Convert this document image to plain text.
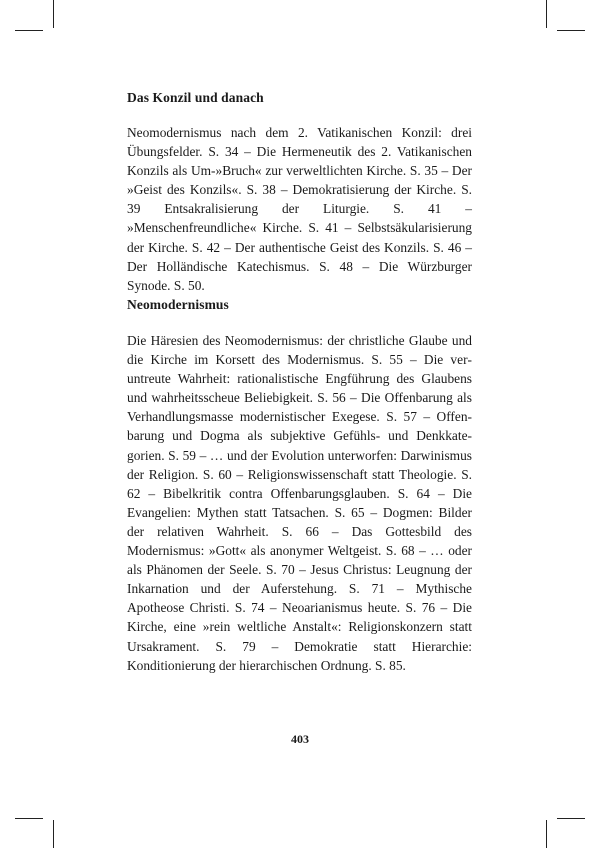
Das Konzil und danach

Neomodernismus nach dem 2. Vatikanischen Konzil: drei Übungsfelder. S. 34 – Die Hermeneutik des 2. Vatikanischen Konzils als Um-»Bruch« zur verweltlichten Kirche. S. 35 – Der »Geist des Konzils«. S. 38 – Demokratisierung der Kirche. S. 39 Entsakralisierung der Liturgie. S. 41 – »Menschenfreundliche« Kirche. S. 41 – Selbstsäkularisierung der Kirche. S. 42 – Der authentische Geist des Konzils. S. 46 – Der Holländische Katechismus. S. 48 – Die Würzburger Synode. S. 50.

Neomodernismus

Die Häresien des Neomodernismus: der christliche Glaube und die Kirche im Korsett des Modernismus. S. 55 – Die veruntreute Wahrheit: rationalistische Engführung des Glaubens und wahrheitsscheue Beliebigkeit. S. 56 – Die Offenbarung als Verhandlungsmasse modernistischer Exegese. S. 57 – Offenbarung und Dogma als subjektive Gefühls- und Denkkategorien. S. 59 – … und der Evolution unterworfen: Darwinismus der Religion. S. 60 – Religionswissenschaft statt Theologie. S. 62 – Bibelkritik contra Offenbarungsglauben. S. 64 – Die Evangelien: Mythen statt Tatsachen. S. 65 – Dogmen: Bilder der relativen Wahrheit. S. 66 – Das Gottesbild des Modernismus: »Gott« als anonymer Weltgeist. S. 68 – … oder als Phänomen der Seele. S. 70 – Jesus Christus: Leugnung der Inkarnation und der Auferstehung. S. 71 – Mythische Apotheose Christi. S. 74 – Neoarianismus heute. S. 76 – Die Kirche, eine »rein weltliche Anstalt«: Religionskonzern statt Ursakrament. S. 79 – Demokratie statt Hierarchie: Konditionierung der hierarchischen Ordnung. S. 85.

403
